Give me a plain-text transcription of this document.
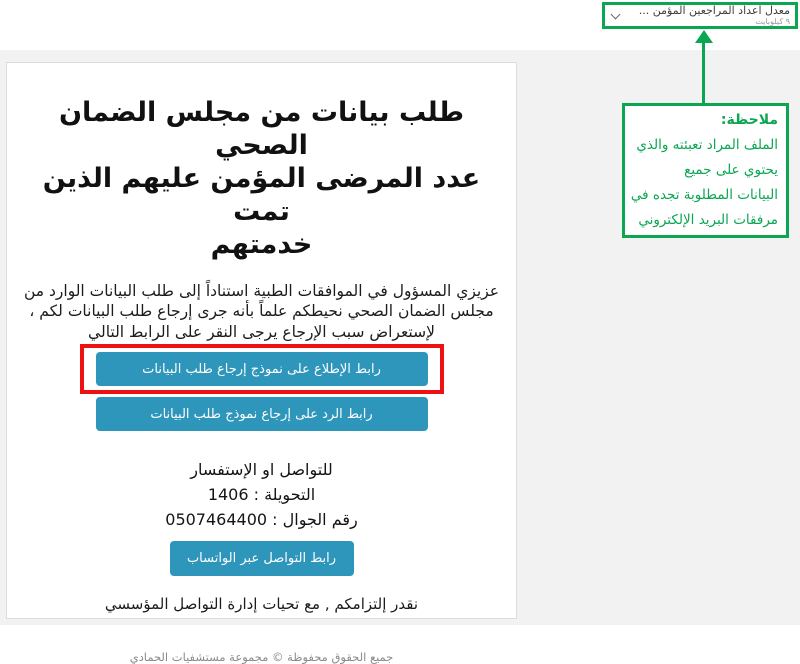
طلب بيانات من مجلس الضمان الصحي
عدد المرضى المؤمن عليهم الذين تمت
خدمتهم

عزيزي المسؤول في الموافقات الطبية استناداً إلى طلب البيانات الوارد من مجلس الضمان الصحي نحيطكم علماً بأنه جرى إرجاع طلب البيانات لكم ، لإستعراض سبب الإرجاع يرجى النقر على الرابط التالي

رابط الإطلاع على نموذج إرجاع طلب البيانات
رابط الرد على إرجاع نموذج طلب البيانات
للتواصل او الإستفسار
التحويلة : 1406
رقم الجوال : 0507464400
رابط التواصل عبر الواتساب
نقدر إلتزامكم , مع تحيات إدارة التواصل المؤسسي
جميع الحقوق محفوظة © مجموعة مستشفيات الحمادي
معدل اعداد المراجعين المؤمن ...
٩ كيلوبايت
ملاحظة:
الملف المراد تعبئته والذي
يحتوي على جميع
البيانات المطلوبة تجده في
مرفقات البريد الإلكتروني
